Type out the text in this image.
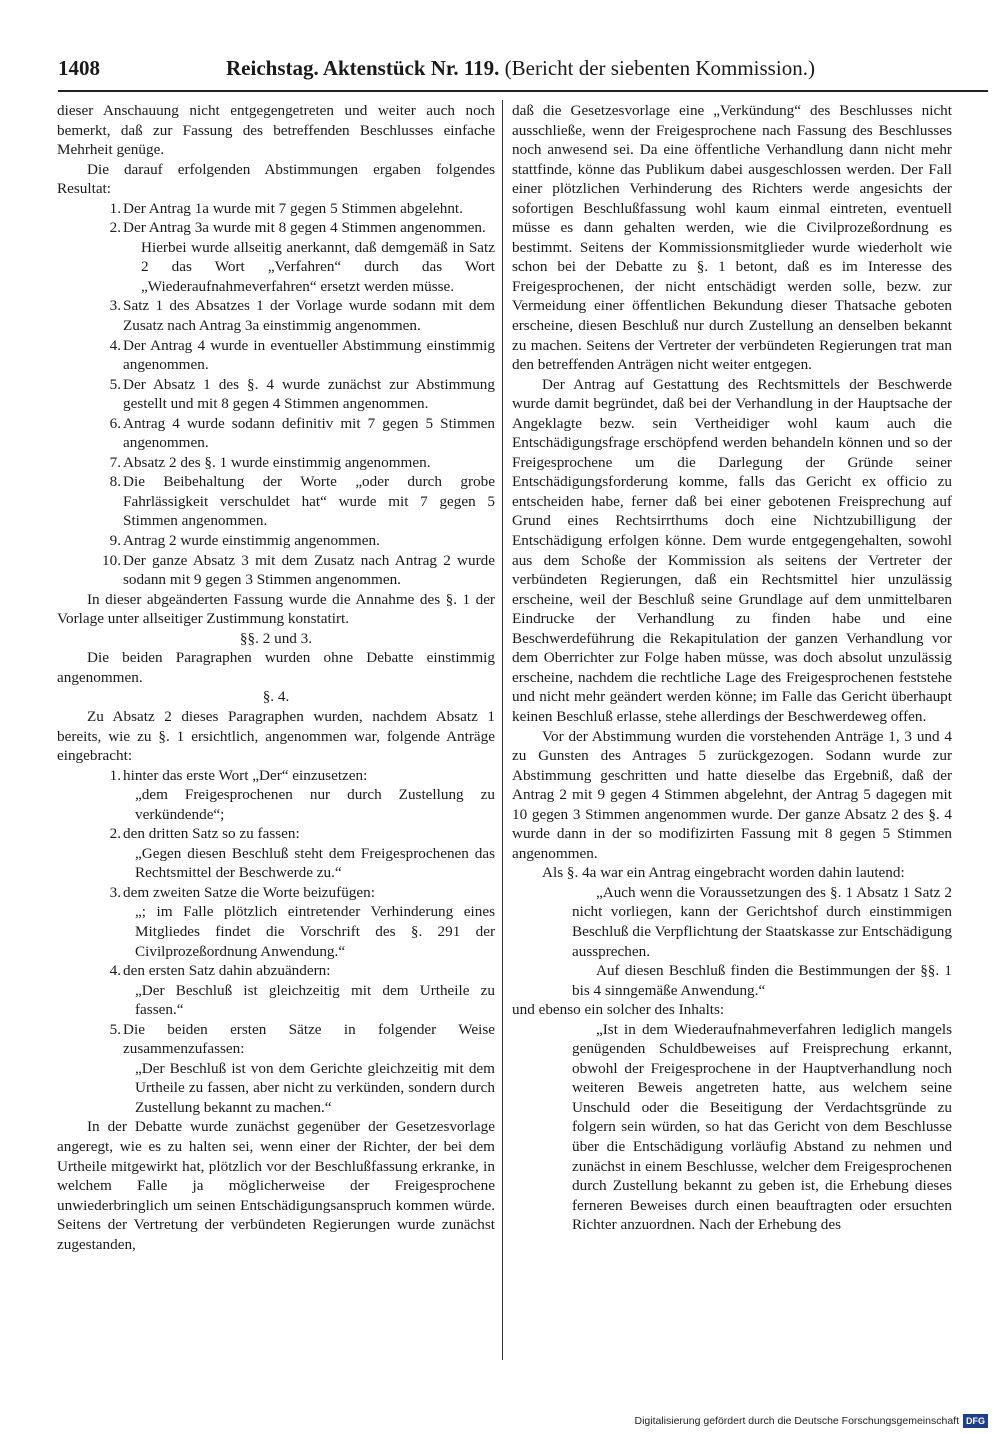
1408	Reichstag. Aktenstück Nr. 119. (Bericht der siebenten Kommission.)

dieser Anschauung nicht entgegengetreten und weiter auch noch bemerkt, daß zur Fassung des betreffenden Beschlusses einfache Mehrheit genüge.

Die darauf erfolgenden Abstimmungen ergaben folgendes Resultat:

1. Der Antrag 1a wurde mit 7 gegen 5 Stimmen abgelehnt.

2. Der Antrag 3a wurde mit 8 gegen 4 Stimmen angenommen.

Hierbei wurde allseitig anerkannt, daß demgemäß in Satz 2 das Wort „Verfahren“ durch das Wort „Wiederaufnahmeverfahren“ ersetzt werden müsse.

3. Satz 1 des Absatzes 1 der Vorlage wurde sodann mit dem Zusatz nach Antrag 3a einstimmig angenommen.

4. Der Antrag 4 wurde in eventueller Abstimmung einstimmig angenommen.

5. Der Absatz 1 des §. 4 wurde zunächst zur Abstimmung gestellt und mit 8 gegen 4 Stimmen angenommen.

6. Antrag 4 wurde sodann definitiv mit 7 gegen 5 Stimmen angenommen.

7. Absatz 2 des §. 1 wurde einstimmig angenommen.

8. Die Beibehaltung der Worte „oder durch grobe Fahrlässigkeit verschuldet hat“ wurde mit 7 gegen 5 Stimmen angenommen.

9. Antrag 2 wurde einstimmig angenommen.

10. Der ganze Absatz 3 mit dem Zusatz nach Antrag 2 wurde sodann mit 9 gegen 3 Stimmen angenommen.

In dieser abgeänderten Fassung wurde die Annahme des §. 1 der Vorlage unter allseitiger Zustimmung konstatirt.

§§. 2 und 3.

Die beiden Paragraphen wurden ohne Debatte einstimmig angenommen.

§. 4.

Zu Absatz 2 dieses Paragraphen wurden, nachdem Absatz 1 bereits, wie zu §. 1 ersichtlich, angenommen war, folgende Anträge eingebracht:

1. hinter das erste Wort „Der“ einzusetzen:

„dem Freigesprochenen nur durch Zustellung zu verkündende“;

2. den dritten Satz so zu fassen:

„Gegen diesen Beschluß steht dem Freigesprochenen das Rechtsmittel der Beschwerde zu.“

3. dem zweiten Satze die Worte beizufügen:

„; im Falle plötzlich eintretender Verhinderung eines Mitgliedes findet die Vorschrift des §. 291 der Civilprozeßordnung Anwendung.“

4. den ersten Satz dahin abzuändern:

„Der Beschluß ist gleichzeitig mit dem Urtheile zu fassen.“

5. Die beiden ersten Sätze in folgender Weise zusammenzufassen:

„Der Beschluß ist von dem Gerichte gleichzeitig mit dem Urtheile zu fassen, aber nicht zu verkünden, sondern durch Zustellung bekannt zu machen.“

In der Debatte wurde zunächst gegenüber der Gesetzesvorlage angeregt, wie es zu halten sei, wenn einer der Richter, der bei dem Urtheile mitgewirkt hat, plötzlich vor der Beschlußfassung erkranke, in welchem Falle ja möglicherweise der Freigesprochene unwiederbringlich um seinen Entschädigungsanspruch kommen würde. Seitens der Vertretung der verbündeten Regierungen wurde zunächst zugestanden,

daß die Gesetzesvorlage eine „Verkündung“ des Beschlusses nicht ausschließe, wenn der Freigesprochene nach Fassung des Beschlusses noch anwesend sei. Da eine öffentliche Verhandlung dann nicht mehr stattfinde, könne das Publikum dabei ausgeschlossen werden. Der Fall einer plötzlichen Verhinderung des Richters werde angesichts der sofortigen Beschlußfassung wohl kaum einmal eintreten, eventuell müsse es dann gehalten werden, wie die Civilprozeßordnung es bestimmt. Seitens der Kommissionsmitglieder wurde wiederholt wie schon bei der Debatte zu §. 1 betont, daß es im Interesse des Freigesprochenen, der nicht entschädigt werden solle, bezw. zur Vermeidung einer öffentlichen Bekundung dieser Thatsache geboten erscheine, diesen Beschluß nur durch Zustellung an denselben bekannt zu machen. Seitens der Vertreter der verbündeten Regierungen trat man den betreffenden Anträgen nicht weiter entgegen.

Der Antrag auf Gestattung des Rechtsmittels der Beschwerde wurde damit begründet, daß bei der Verhandlung in der Hauptsache der Angeklagte bezw. sein Vertheidiger wohl kaum auch die Entschädigungsfrage erschöpfend werden behandeln können und so der Freigesprochene um die Darlegung der Gründe seiner Entschädigungsforderung komme, falls das Gericht ex officio zu entscheiden habe, ferner daß bei einer gebotenen Freisprechung auf Grund eines Rechtsirrthums doch eine Nichtzubilligung der Entschädigung erfolgen könne. Dem wurde entgegengehalten, sowohl aus dem Schoße der Kommission als seitens der Vertreter der verbündeten Regierungen, daß ein Rechtsmittel hier unzulässig erscheine, weil der Beschluß seine Grundlage auf dem unmittelbaren Eindrucke der Verhandlung zu finden habe und eine Beschwerdeführung die Rekapitulation der ganzen Verhandlung vor dem Oberrichter zur Folge haben müsse, was doch absolut unzulässig erscheine, nachdem die rechtliche Lage des Freigesprochenen feststehe und nicht mehr geändert werden könne; im Falle das Gericht überhaupt keinen Beschluß erlasse, stehe allerdings der Beschwerdeweg offen.

Vor der Abstimmung wurden die vorstehenden Anträge 1, 3 und 4 zu Gunsten des Antrages 5 zurückgezogen. Sodann wurde zur Abstimmung geschritten und hatte dieselbe das Ergebniß, daß der Antrag 2 mit 9 gegen 4 Stimmen abgelehnt, der Antrag 5 dagegen mit 10 gegen 3 Stimmen angenommen wurde. Der ganze Absatz 2 des §. 4 wurde dann in der so modifizirten Fassung mit 8 gegen 5 Stimmen angenommen.

Als §. 4a war ein Antrag eingebracht worden dahin lautend:

„Auch wenn die Voraussetzungen des §. 1 Absatz 1 Satz 2 nicht vorliegen, kann der Gerichtshof durch einstimmigen Beschluß die Verpflichtung der Staatskasse zur Entschädigung aussprechen.

Auf diesen Beschluß finden die Bestimmungen der §§. 1 bis 4 sinngemäße Anwendung.“

und ebenso ein solcher des Inhalts:

„Ist in dem Wiederaufnahmeverfahren lediglich mangels genügenden Schuldbeweises auf Freisprechung erkannt, obwohl der Freigesprochene in der Hauptverhandlung noch weiteren Beweis angetreten hatte, aus welchem seine Unschuld oder die Beseitigung der Verdachtsgründe zu folgern sein würden, so hat das Gericht von dem Beschlusse über die Entschädigung vorläufig Abstand zu nehmen und zunächst in einem Beschlusse, welcher dem Freigesprochenen durch Zustellung bekannt zu geben ist, die Erhebung dieses ferneren Beweises durch einen beauftragten oder ersuchten Richter anzuordnen. Nach der Erhebung des

Digitalisierung gefördert durch die Deutsche Forschungsgemeinschaft DFG
